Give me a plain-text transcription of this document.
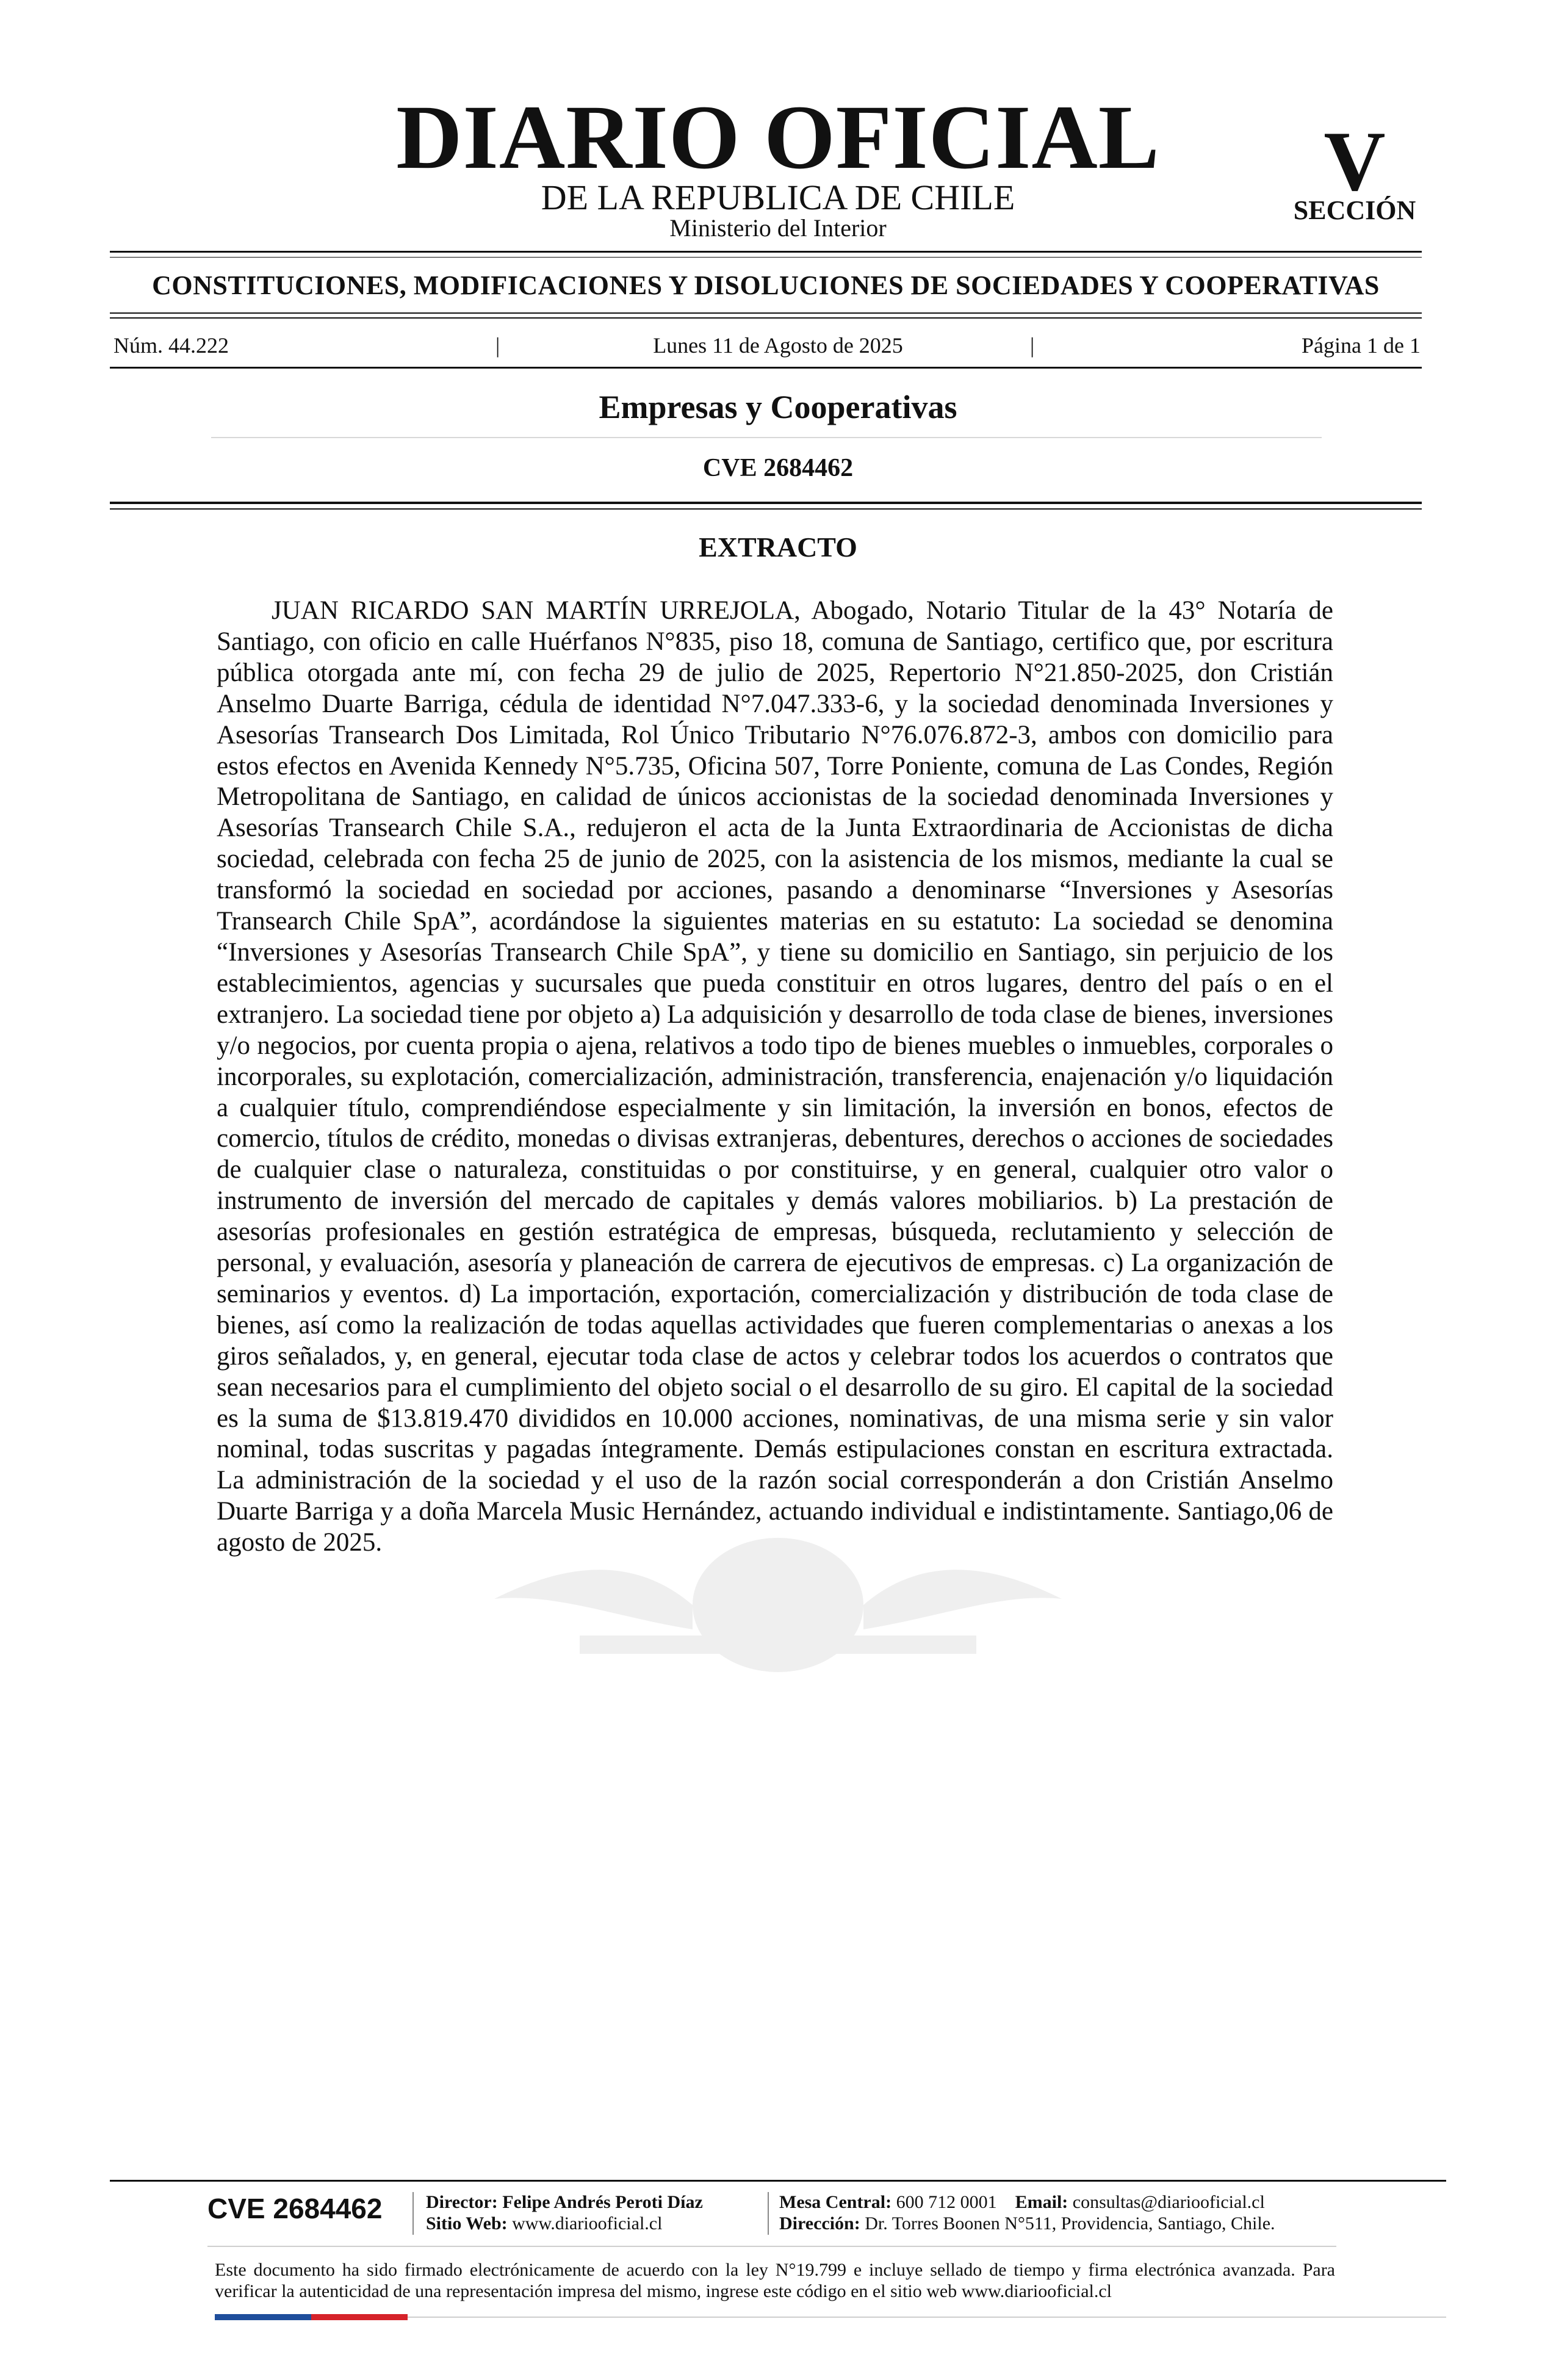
DIARIO OFICIAL
DE LA REPUBLICA DE CHILE
Ministerio del Interior
V
SECCIÓN
CONSTITUCIONES, MODIFICACIONES Y DISOLUCIONES DE SOCIEDADES Y COOPERATIVAS
Núm. 44.222	|	Lunes 11 de Agosto de 2025	|	Página 1 de 1
Empresas y Cooperativas
CVE 2684462
EXTRACTO
JUAN RICARDO SAN MARTÍN URREJOLA, Abogado, Notario Titular de la 43° Notaría de Santiago, con oficio en calle Huérfanos N°835, piso 18, comuna de Santiago, certifico que, por escritura pública otorgada ante mí, con fecha 29 de julio de 2025, Repertorio N°21.850-2025, don Cristián Anselmo Duarte Barriga, cédula de identidad N°7.047.333-6, y la sociedad denominada Inversiones y Asesorías Transearch Dos Limitada, Rol Único Tributario N°76.076.872-3, ambos con domicilio para estos efectos en Avenida Kennedy N°5.735, Oficina 507, Torre Poniente, comuna de Las Condes, Región Metropolitana de Santiago, en calidad de únicos accionistas de la sociedad denominada Inversiones y Asesorías Transearch Chile S.A., redujeron el acta de la Junta Extraordinaria de Accionistas de dicha sociedad, celebrada con fecha 25 de junio de 2025, con la asistencia de los mismos, mediante la cual se transformó la sociedad en sociedad por acciones, pasando a denominarse “Inversiones y Asesorías Transearch Chile SpA”, acordándose la siguientes materias en su estatuto: La sociedad se denomina “Inversiones y Asesorías Transearch Chile SpA”, y tiene su domicilio en Santiago, sin perjuicio de los establecimientos, agencias y sucursales que pueda constituir en otros lugares, dentro del país o en el extranjero. La sociedad tiene por objeto a) La adquisición y desarrollo de toda clase de bienes, inversiones y/o negocios, por cuenta propia o ajena, relativos a todo tipo de bienes muebles o inmuebles, corporales o incorporales, su explotación, comercialización, administración, transferencia, enajenación y/o liquidación a cualquier título, comprendiéndose especialmente y sin limitación, la inversión en bonos, efectos de comercio, títulos de crédito, monedas o divisas extranjeras, debentures, derechos o acciones de sociedades de cualquier clase o naturaleza, constituidas o por constituirse, y en general, cualquier otro valor o instrumento de inversión del mercado de capitales y demás valores mobiliarios. b) La prestación de asesorías profesionales en gestión estratégica de empresas, búsqueda, reclutamiento y selección de personal, y evaluación, asesoría y planeación de carrera de ejecutivos de empresas. c) La organización de seminarios y eventos. d) La importación, exportación, comercialización y distribución de toda clase de bienes, así como la realización de todas aquellas actividades que fueren complementarias o anexas a los giros señalados, y, en general, ejecutar toda clase de actos y celebrar todos los acuerdos o contratos que sean necesarios para el cumplimiento del objeto social o el desarrollo de su giro. El capital de la sociedad es la suma de $13.819.470 divididos en 10.000 acciones, nominativas, de una misma serie y sin valor nominal, todas suscritas y pagadas íntegramente. Demás estipulaciones constan en escritura extractada. La administración de la sociedad y el uso de la razón social corresponderán a don Cristián Anselmo Duarte Barriga y a doña Marcela Music Hernández, actuando individual e indistintamente. Santiago,06 de agosto de 2025.
CVE 2684462 Director: Felipe Andrés Peroti Díaz
Sitio Web: www.diariooficial.cl
Mesa Central: 600 712 0001 Email: consultas@diariooficial.cl
Dirección: Dr. Torres Boonen N°511, Providencia, Santiago, Chile.
Este documento ha sido firmado electrónicamente de acuerdo con la ley N°19.799 e incluye sellado de tiempo y firma electrónica avanzada. Para verificar la autenticidad de una representación impresa del mismo, ingrese este código en el sitio web www.diariooficial.cl
